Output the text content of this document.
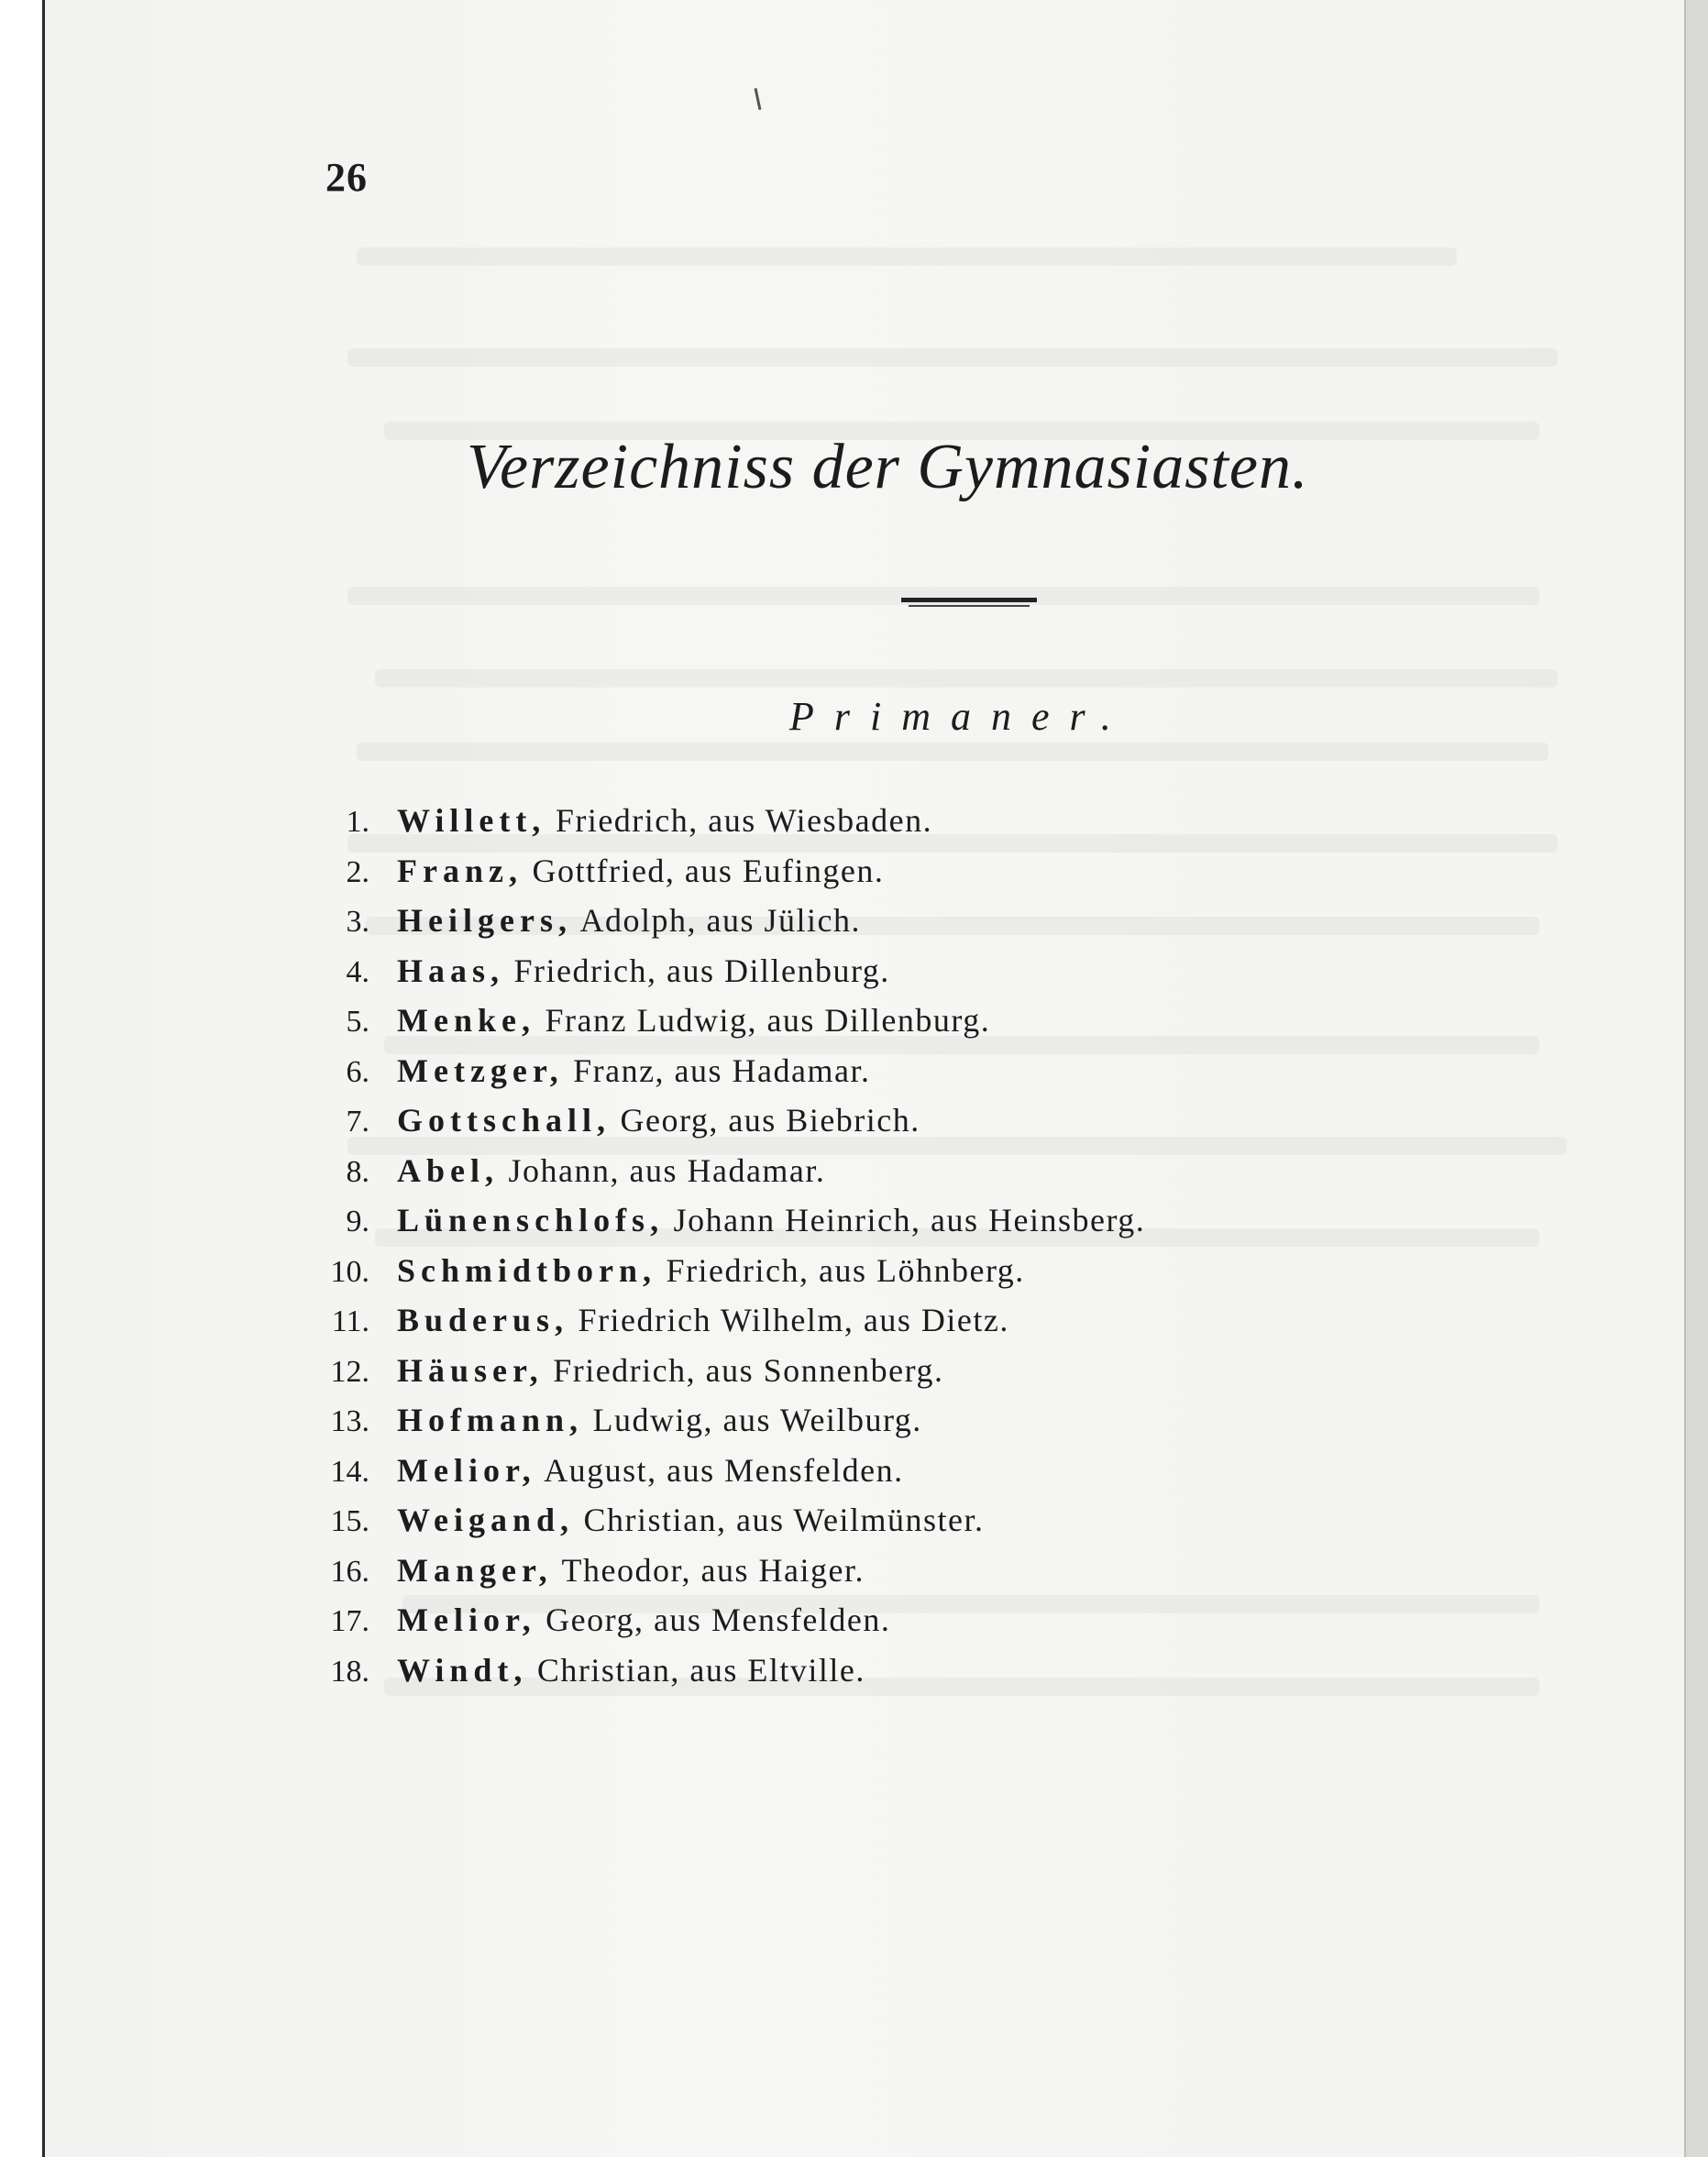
26
Verzeichniss der Gymnasiasten.
Primaner.
1. Willett, Friedrich, aus Wiesbaden.
2. Franz, Gottfried, aus Eufingen.
3. Heilgers, Adolph, aus Jülich.
4. Haas, Friedrich, aus Dillenburg.
5. Menke, Franz Ludwig, aus Dillenburg.
6. Metzger, Franz, aus Hadamar.
7. Gottschall, Georg, aus Biebrich.
8. Abel, Johann, aus Hadamar.
9. Lünenschlofs, Johann Heinrich, aus Heinsberg.
10. Schmidtborn, Friedrich, aus Löhnberg.
11. Buderus, Friedrich Wilhelm, aus Dietz.
12. Häuser, Friedrich, aus Sonnenberg.
13. Hofmann, Ludwig, aus Weilburg.
14. Melior, August, aus Mensfelden.
15. Weigand, Christian, aus Weilmünster.
16. Manger, Theodor, aus Haiger.
17. Melior, Georg, aus Mensfelden.
18. Windt, Christian, aus Eltville.
